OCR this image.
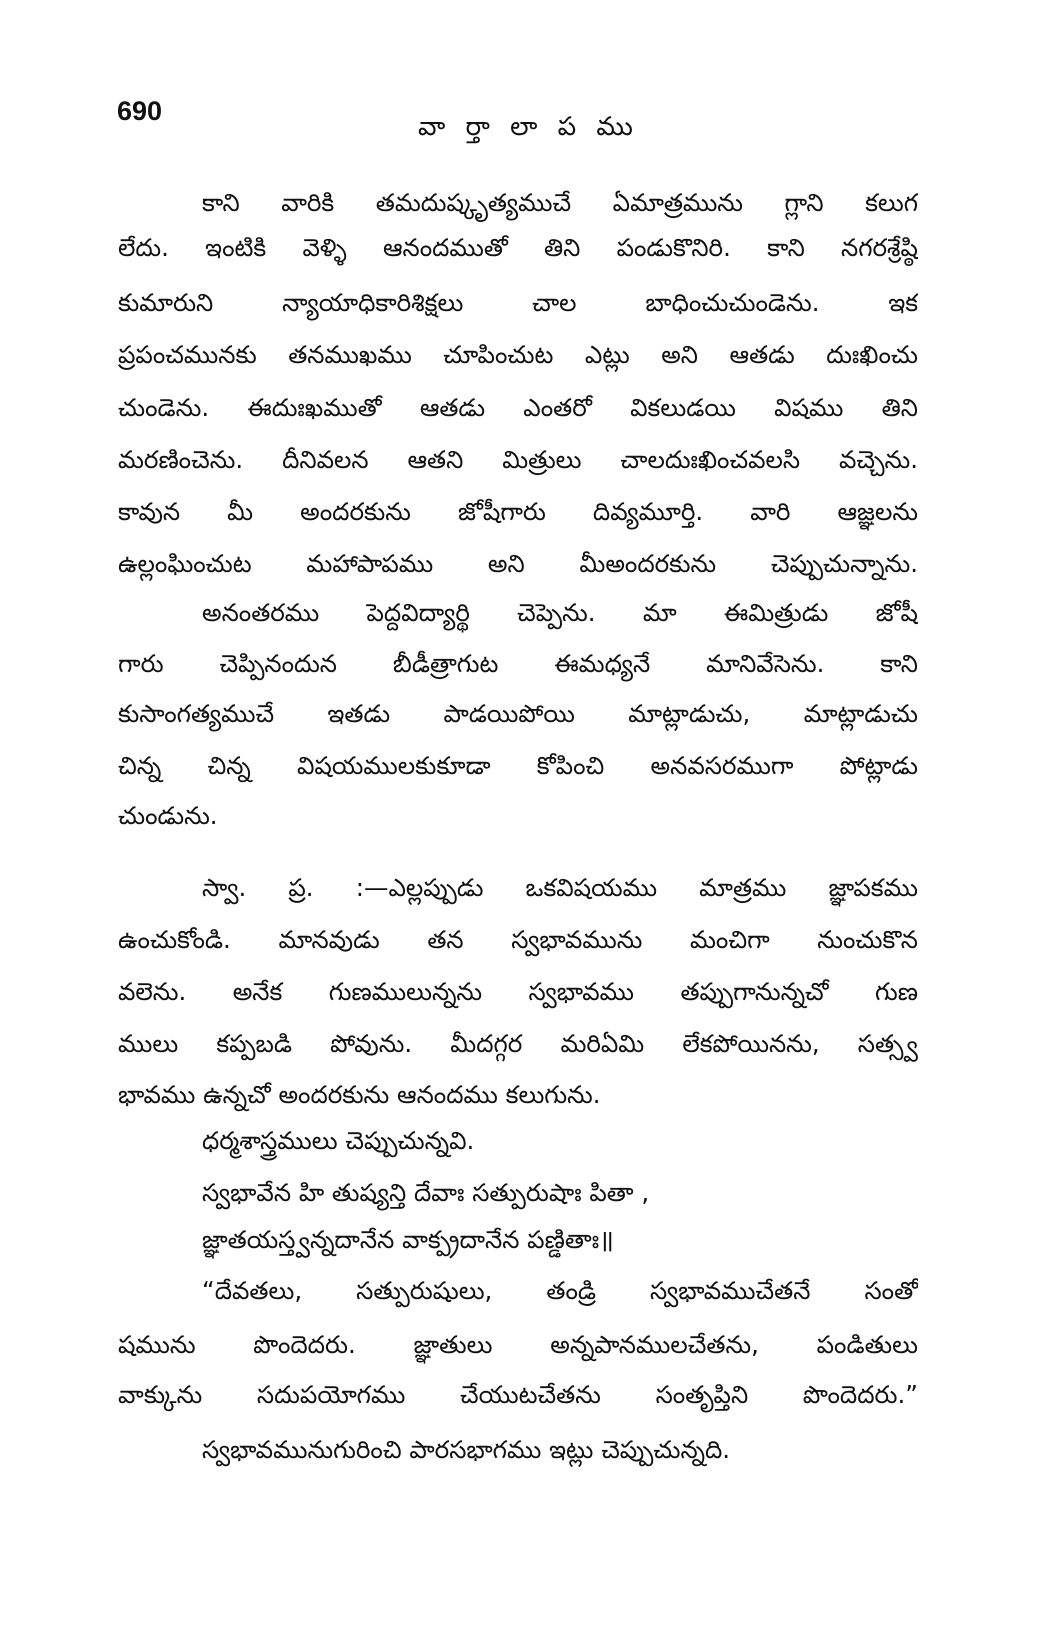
690
వా ర్తా లా ప ము
కాని వారికి తమదుష్కృత్యముచే ఏమాత్రమును గ్లాని కలుగ
లేదు. ఇంటికి వెళ్ళి ఆనందముతో తిని పండుకొనిరి. కాని నగరశ్రేష్ఠి
కుమారుని న్యాయాధికారిశిక్షలు చాల బాధించుచుండెను. ఇక
ప్రపంచమునకు తనముఖము చూపించుట ఎట్లు అని ఆతడు దుఃఖించు
చుండెను. ఈదుఃఖముతో ఆతడు ఎంతరో వికలుడయి విషము తిని
మరణించెను. దీనివలన ఆతని మిత్రులు చాలదుఃఖించవలసి వచ్చెను.
కావున మీ అందరకును జోషీగారు దివ్యమూర్తి. వారి ఆజ్ఞలను
ఉల్లంఘించుట మహాపాపము అని మీఅందరకును చెప్పుచున్నాను.
అనంతరము పెద్దవిద్యార్థి చెప్పెను. మా ఈమిత్రుడు జోషీ
గారు చెప్పినందున బీడీత్రాగుట ఈమధ్యనే మానివేసెను. కాని
కుసాంగత్యముచే ఇతడు పాడయిపోయి మాట్లాడుచు, మాట్లాడుచు
చిన్న చిన్న విషయములకుకూడా కోపించి అనవసరముగా పోట్లాడు
చుండును.
స్వా. ప్ర. :—ఎల్లప్పుడు ఒకవిషయము మాత్రము జ్ఞాపకము
ఉంచుకోండి. మానవుడు తన స్వభావమును మంచిగా నుంచుకొన
వలెను. అనేక గుణములున్నను స్వభావము తప్పుగానున్నచో గుణ
ములు కప్పబడి పోవును. మీదగ్గర మరిఏమి లేకపోయినను, సత్స్వ
భావము ఉన్నచో అందరకును ఆనందము కలుగును.
ధర్మశాస్త్రములు చెప్పుచున్నవి.
స్వభావేన హి తుష్యన్తి దేవాః సత్పురుషాః పితా ,
జ్ఞాతయస్త్వన్నదానేన వాక్ప్రదానేన పణ్డితాః॥
“దేవతలు, సత్పురుషులు, తండ్రి స్వభావముచేతనే సంతో
షమును పొందెదరు. జ్ఞాతులు అన్నపానములచేతను, పండితులు
వాక్కును సదుపయోగము చేయుటచేతను సంతృప్తిని పొందెదరు.”
స్వభావమునుగురించి పారసభాగము ఇట్లు చెప్పుచున్నది.
